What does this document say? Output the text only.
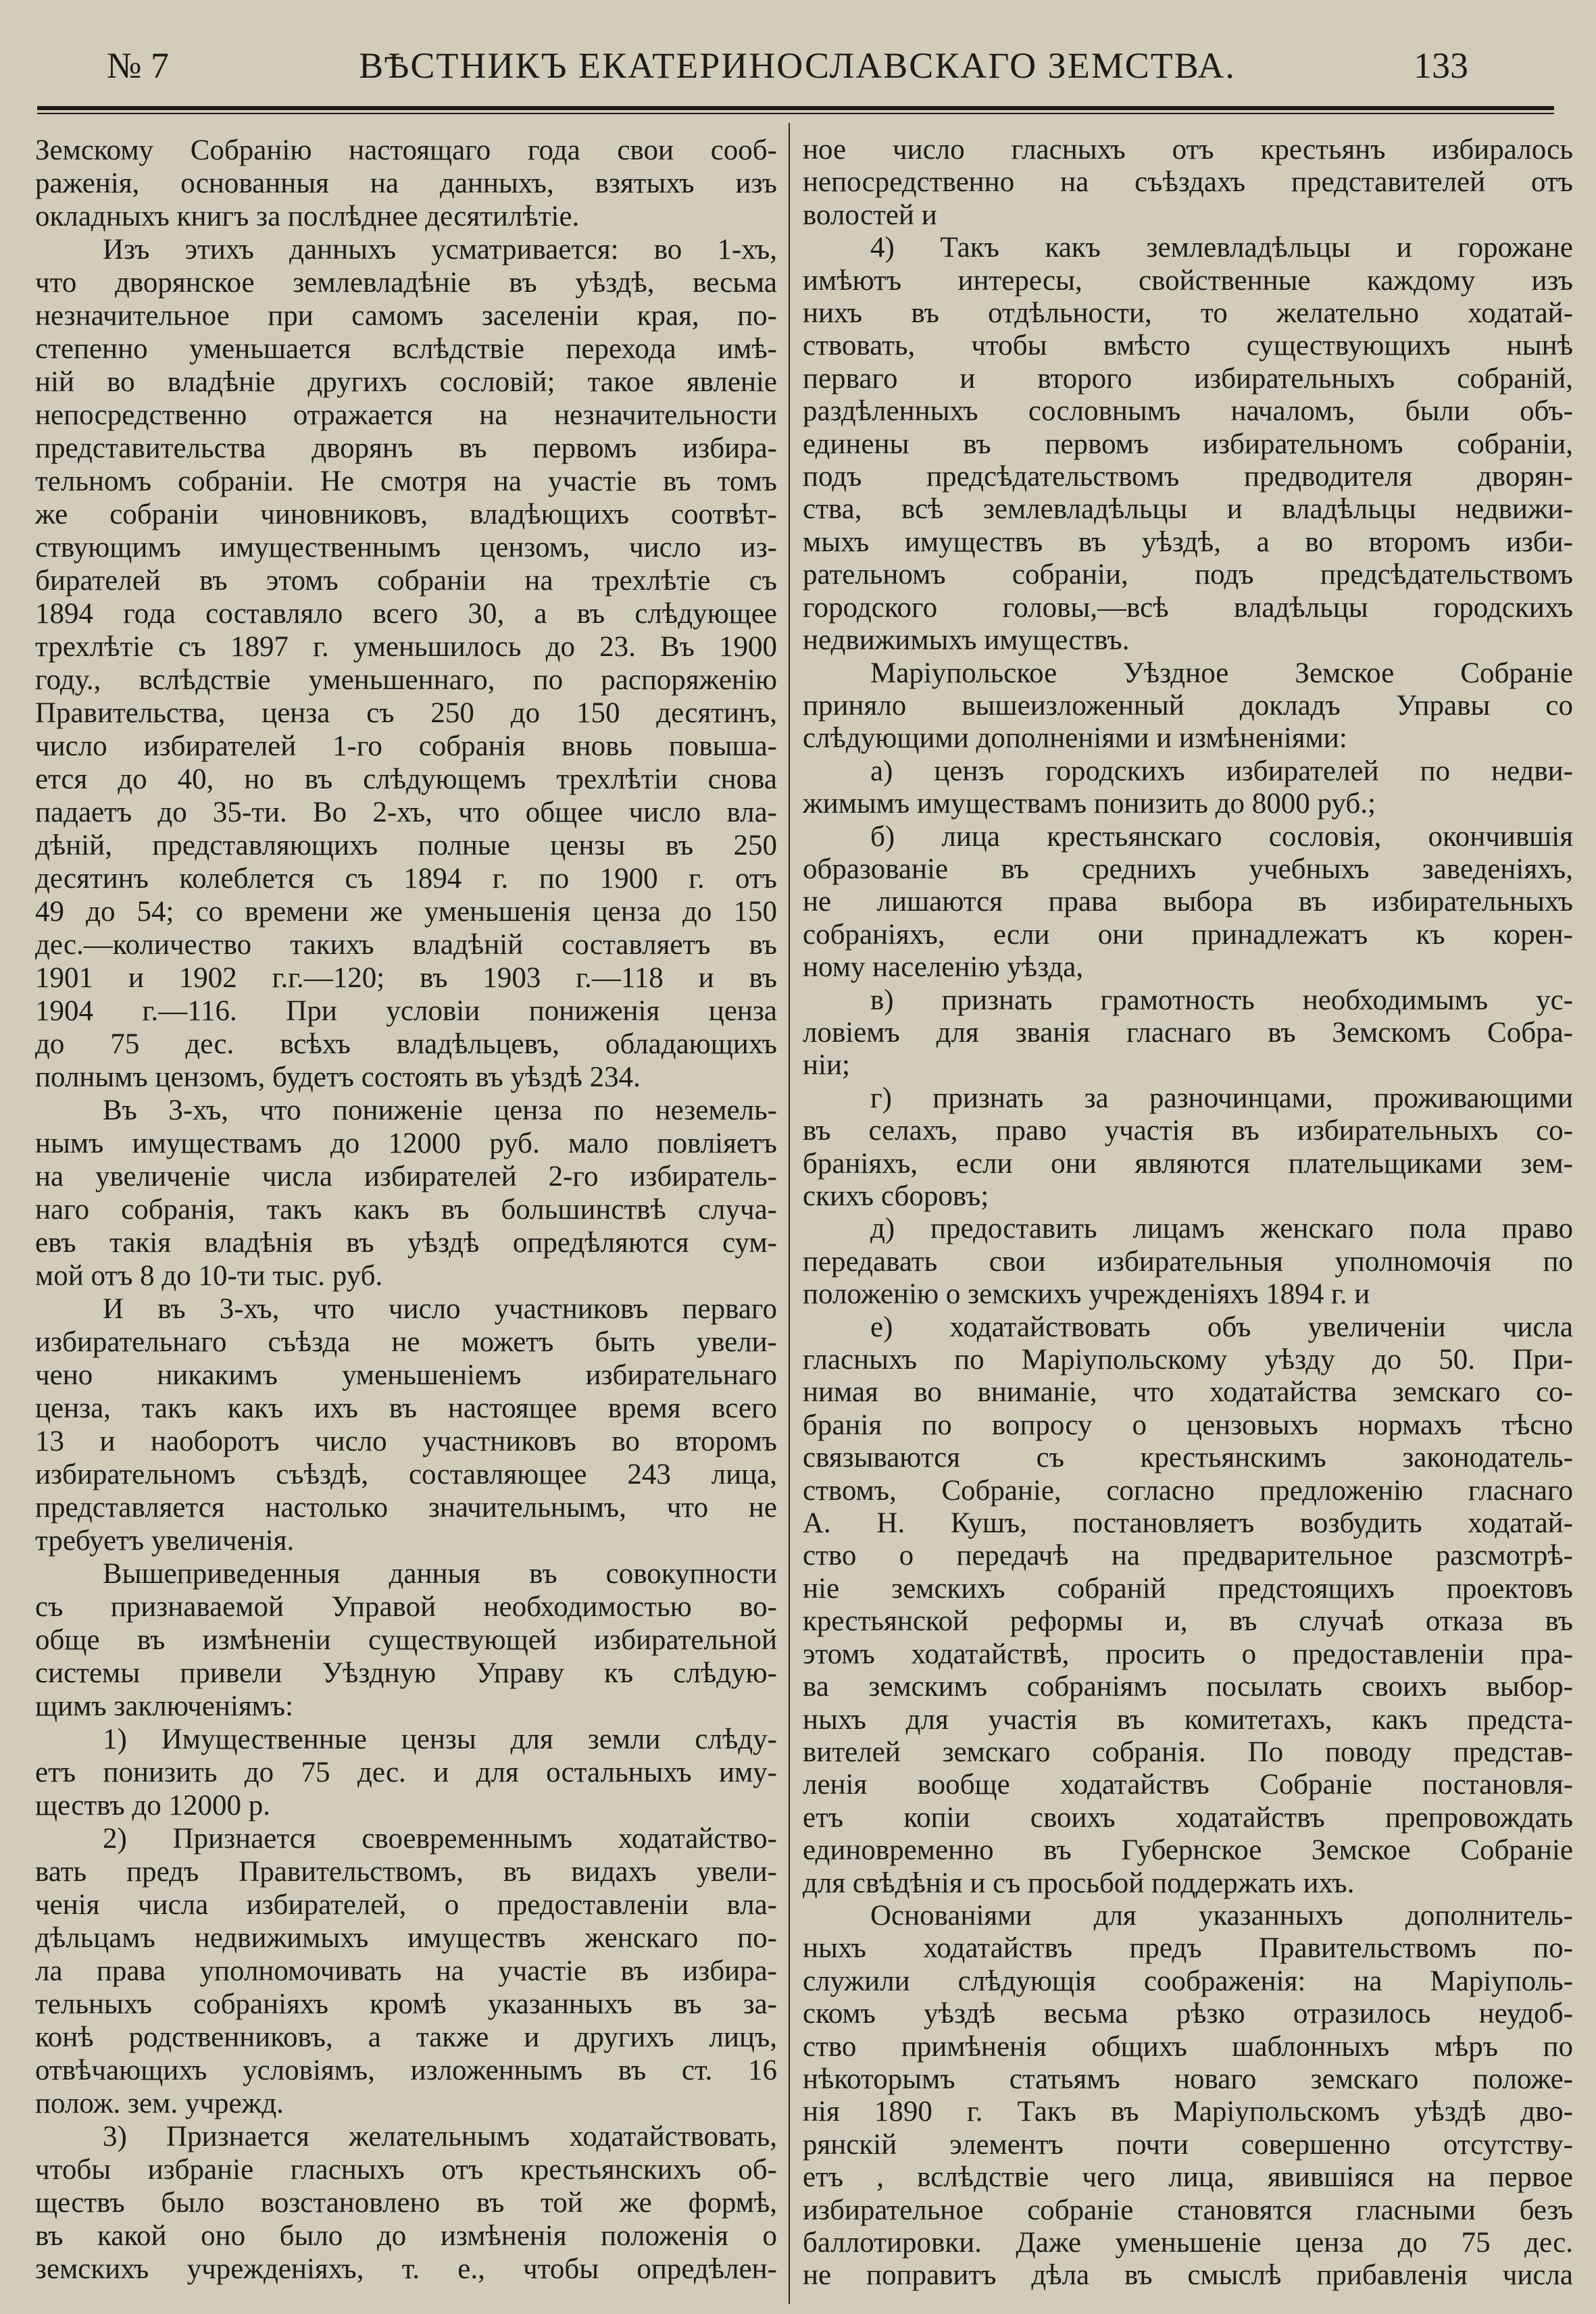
№ 7	ВѢСТНИКЪ ЕКАТЕРИНОСЛАВСКАГО ЗЕМСТВА.	133
Земскому Собранію настоящаго года свои сооб-
раженія, основанныя на данныхъ, взятыхъ изъ
окладныхъ книгъ за послѣднее десятилѣтіе.
Изъ этихъ данныхъ усматривается: во 1-хъ,
что дворянское землевладѣніе въ уѣздѣ, весьма
незначительное при самомъ заселеніи края, по-
степенно уменьшается вслѣдствіе перехода имѣ-
ній во владѣніе другихъ сословій; такое явленіе
непосредственно отражается на незначительности
представительства дворянъ въ первомъ избира-
тельномъ собраніи. Не смотря на участіе въ томъ
же собраніи чиновниковъ, владѣющихъ соотвѣт-
ствующимъ имущественнымъ цензомъ, число из-
бирателей въ этомъ собраніи на трехлѣтіе съ
1894 года составляло всего 30, а въ слѣдующее
трехлѣтіе съ 1897 г. уменьшилось до 23. Въ 1900
году., вслѣдствіе уменьшеннаго, по распоряженію
Правительства, ценза съ 250 до 150 десятинъ,
число избирателей 1-го собранія вновь повыша-
ется до 40, но въ слѣдующемъ трехлѣтіи снова
падаетъ до 35-ти. Во 2-хъ, что общее число вла-
дѣній, представляющихъ полные цензы въ 250
десятинъ колеблется съ 1894 г. по 1900 г. отъ
49 до 54; со времени же уменьшенія ценза до 150
дес.—количество такихъ владѣній составляетъ въ
1901 и 1902 г.г.—120; въ 1903 г.—118 и въ
1904 г.—116. При условіи пониженія ценза
до 75 дес. всѣхъ владѣльцевъ, обладающихъ
полнымъ цензомъ, будетъ состоять въ уѣздѣ 234.
Въ 3-хъ, что пониженіе ценза по неземель-
нымъ имуществамъ до 12000 руб. мало повліяетъ
на увеличеніе числа избирателей 2-го избиратель-
наго собранія, такъ какъ въ большинствѣ случа-
евъ такія владѣнія въ уѣздѣ опредѣляются сум-
мой отъ 8 до 10-ти тыс. руб.
И въ 3-хъ, что число участниковъ перваго
избирательнаго съѣзда не можетъ быть увели-
чено никакимъ уменьшеніемъ избирательнаго
ценза, такъ какъ ихъ въ настоящее время всего
13 и наоборотъ число участниковъ во второмъ
избирательномъ съѣздѣ, составляющее 243 лица,
представляется настолько значительнымъ, что не
требуетъ увеличенія.
Вышеприведенныя данныя въ совокупности
съ признаваемой Управой необходимостью во-
обще въ измѣненіи существующей избирательной
системы привели Уѣздную Управу къ слѣдую-
щимъ заключеніямъ:
1) Имущественные цензы для земли слѣду-
етъ понизить до 75 дес. и для остальныхъ иму-
ществъ до 12000 р.
2) Признается своевременнымъ ходатайство-
вать предъ Правительствомъ, въ видахъ увели-
ченія числа избирателей, о предоставленіи вла-
дѣльцамъ недвижимыхъ имуществъ женскаго по-
ла права уполномочивать на участіе въ избира-
тельныхъ собраніяхъ кромѣ указанныхъ въ за-
конѣ родственниковъ, а также и другихъ лицъ,
отвѣчающихъ условіямъ, изложеннымъ въ ст. 16
полож. зем. учрежд.
3) Признается желательнымъ ходатайствовать,
чтобы избраніе гласныхъ отъ крестьянскихъ об-
ществъ было возстановлено въ той же формѣ,
въ какой оно было до измѣненія положенія о
земскихъ учрежденіяхъ, т. е., чтобы опредѣлен-
ное число гласныхъ отъ крестьянъ избиралось
непосредственно на съѣздахъ представителей отъ
волостей и
4) Такъ какъ землевладѣльцы и горожане
имѣютъ интересы, свойственные каждому изъ
нихъ въ отдѣльности, то желательно ходатай-
ствовать, чтобы вмѣсто существующихъ нынѣ
перваго и второго избирательныхъ собраній,
раздѣленныхъ сословнымъ началомъ, были объ-
единены въ первомъ избирательномъ собраніи,
подъ предсѣдательствомъ предводителя дворян-
ства, всѣ землевладѣльцы и владѣльцы недвижи-
мыхъ имуществъ въ уѣздѣ, а во второмъ изби-
рательномъ собраніи, подъ предсѣдательствомъ
городского головы,—всѣ владѣльцы городскихъ
недвижимыхъ имуществъ.
Маріупольское Уѣздное Земское Собраніе
приняло вышеизложенный докладъ Управы со
слѣдующими дополненіями и измѣненіями:
а) цензъ городскихъ избирателей по недви-
жимымъ имуществамъ понизить до 8000 руб.;
б) лица крестьянскаго сословія, окончившія
образованіе въ среднихъ учебныхъ заведеніяхъ,
не лишаются права выбора въ избирательныхъ
собраніяхъ, если они принадлежатъ къ корен-
ному населенію уѣзда,
в) признать грамотность необходимымъ ус-
ловіемъ для званія гласнаго въ Земскомъ Собра-
ніи;
г) признать за разночинцами, проживающими
въ селахъ, право участія въ избирательныхъ со-
браніяхъ, если они являются плательщиками зем-
скихъ сборовъ;
д) предоставить лицамъ женскаго пола право
передавать свои избирательныя уполномочія по
положенію о земскихъ учрежденіяхъ 1894 г. и
е) ходатайствовать объ увеличеніи числа
гласныхъ по Маріупольскому уѣзду до 50. При-
нимая во вниманіе, что ходатайства земскаго со-
бранія по вопросу о цензовыхъ нормахъ тѣсно
связываются съ крестьянскимъ законодатель-
ствомъ, Собраніе, согласно предложенію гласнаго
А. Н. Кушъ, постановляетъ возбудить ходатай-
ство о передачѣ на предварительное разсмотрѣ-
ніе земскихъ собраній предстоящихъ проектовъ
крестьянской реформы и, въ случаѣ отказа въ
этомъ ходатайствѣ, просить о предоставленіи пра-
ва земскимъ собраніямъ посылать своихъ выбор-
ныхъ для участія въ комитетахъ, какъ предста-
вителей земскаго собранія. По поводу представ-
ленія вообще ходатайствъ Собраніе постановля-
етъ копіи своихъ ходатайствъ препровождать
единовременно въ Губернское Земское Собраніе
для свѣдѣнія и съ просьбой поддержать ихъ.
Основаніями для указанныхъ дополнитель-
ныхъ ходатайствъ предъ Правительствомъ по-
служили слѣдующія соображенія: на Маріуполь-
скомъ уѣздѣ весьма рѣзко отразилось неудоб-
ство примѣненія общихъ шаблонныхъ мѣръ по
нѣкоторымъ статьямъ новаго земскаго положе-
нія 1890 г. Такъ въ Маріупольскомъ уѣздѣ дво-
рянскій элементъ почти совершенно отсутству-
етъ , вслѣдствіе чего лица, явившіяся на первое
избирательное собраніе становятся гласными безъ
баллотировки. Даже уменьшеніе ценза до 75 дес.
не поправитъ дѣла въ смыслѣ прибавленія числа
